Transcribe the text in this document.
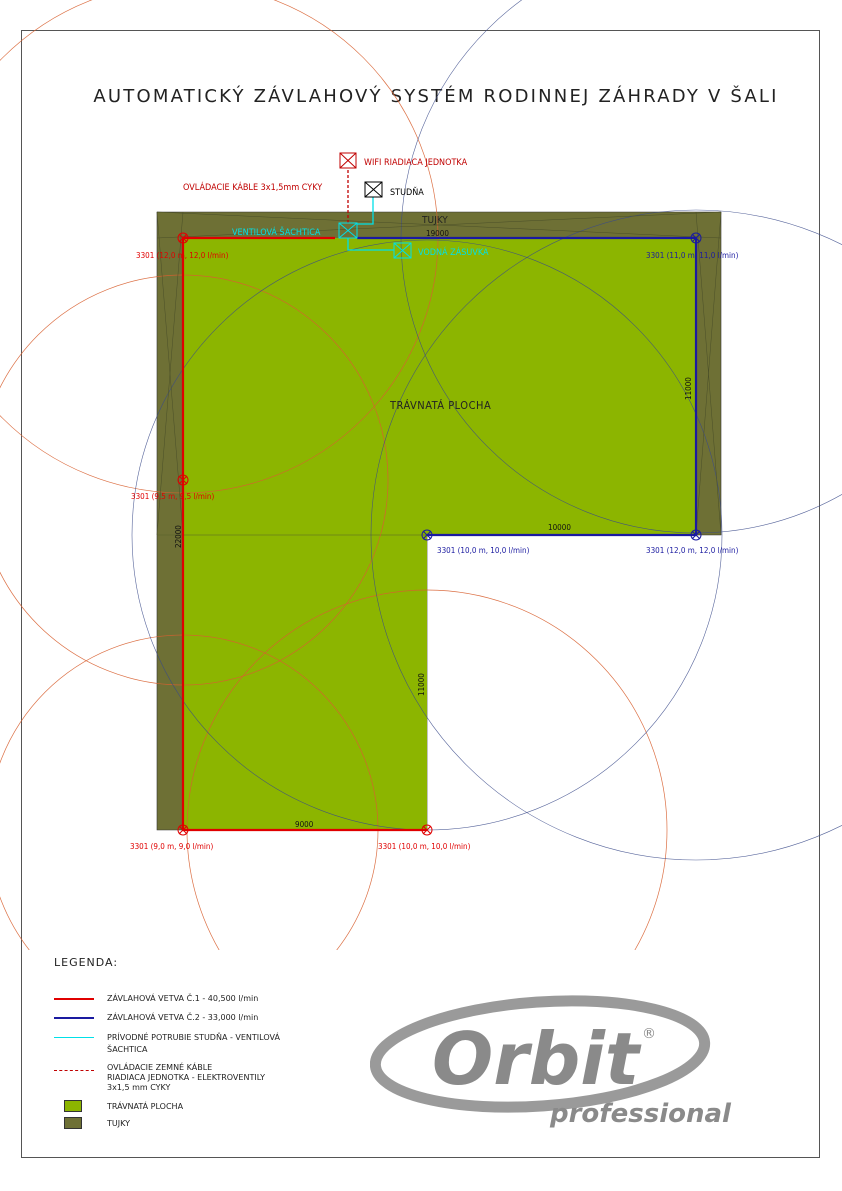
AUTOMATICKÝ ZÁVLAHOVÝ SYSTÉM RODINNEJ ZÁHRADY V ŠALI
WIFI RIADIACA JEDNOTKA
OVLÁDACIE KÁBLE 3x1,5mm CYKY	STUDŇA
VENTILOVÁ ŠACHTICA
VODNÁ ZÁSUVKA
TUJKY
TRÁVNATÁ PLOCHA
19000
11000
10000
22000
11000
9000
3301 (12,0 m, 12,0 l/min)	3301 (11,0 m, 11,0 l/min)
3301 (9,5 m, 9,5 l/min)
3301 (10,0 m, 10,0 l/min)	3301 (12,0 m, 12,0 l/min)
3301 (9,0 m, 9,0 l/min)	3301 (10,0 m, 10,0 l/min)
LEGENDA:
ZÁVLAHOVÁ VETVA Č.1 - 40,500 l/min
ZÁVLAHOVÁ VETVA Č.2 - 33,000 l/min
PRÍVODNÉ POTRUBIE STUDŇA - VENTILOVÁ
ŠACHTICA
OVLÁDACIE ZEMNÉ KÁBLE
RIADIACA JEDNOTKA - ELEKTROVENTILY
3x1,5 mm CYKY
TRÁVNATÁ PLOCHA
TUJKY
Orbit ®
professional
